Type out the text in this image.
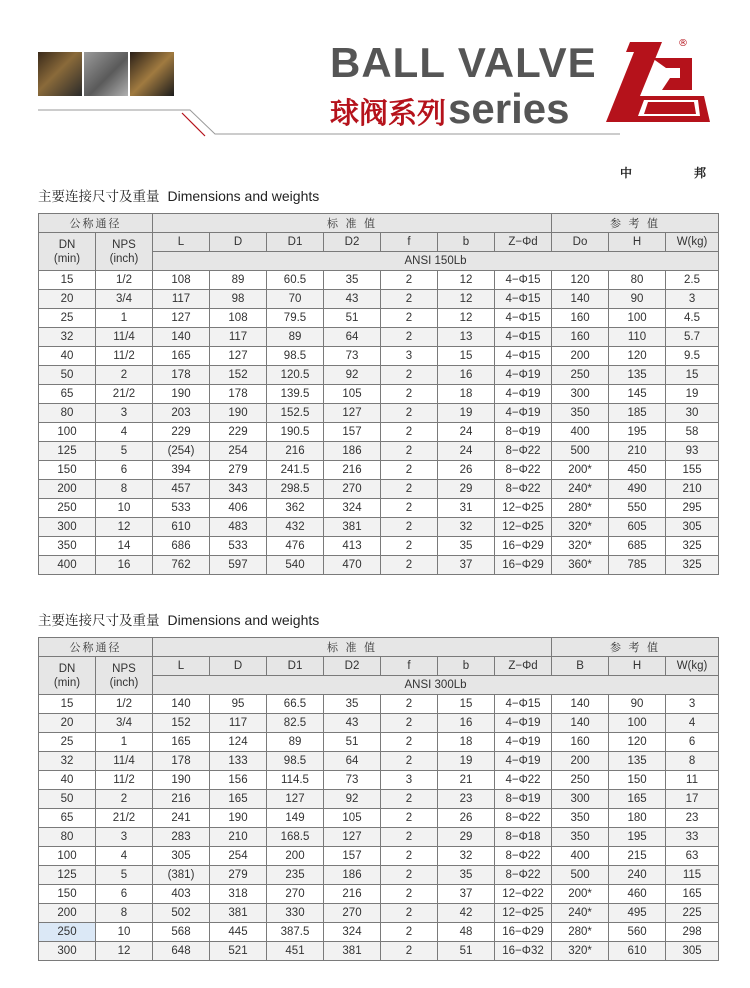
BALL VALVE
球阀系列 series
®
中	邦
主要连接尺寸及重量 Dimensions and weights
公称通径		标 准 值							参 考 值		
DN
(min)	NPS
(inch)	L	D	D1	D2	f	b	Z−Φd	Do	H	W(kg)
		ANSI 150Lb									
15	1/2	108	89	60.5	35	2	12	4−Φ15	120	80	2.5
20	3/4	117	98	70	43	2	12	4−Φ15	140	90	3
25	1	127	108	79.5	51	2	12	4−Φ15	160	100	4.5
32	11/4	140	117	89	64	2	13	4−Φ15	160	110	5.7
40	11/2	165	127	98.5	73	3	15	4−Φ15	200	120	9.5
50	2	178	152	120.5	92	2	16	4−Φ19	250	135	15
65	21/2	190	178	139.5	105	2	18	4−Φ19	300	145	19
80	3	203	190	152.5	127	2	19	4−Φ19	350	185	30
100	4	229	229	190.5	157	2	24	8−Φ19	400	195	58
125	5	(254)	254	216	186	2	24	8−Φ22	500	210	93
150	6	394	279	241.5	216	2	26	8−Φ22	200*	450	155
200	8	457	343	298.5	270	2	29	8−Φ22	240*	490	210
250	10	533	406	362	324	2	31	12−Φ25	280*	550	295
300	12	610	483	432	381	2	32	12−Φ25	320*	605	305
350	14	686	533	476	413	2	35	16−Φ29	320*	685	325
400	16	762	597	540	470	2	37	16−Φ29	360*	785	325
主要连接尺寸及重量 Dimensions and weights
公称通径		标 准 值							参 考 值		
DN
(min)	NPS
(inch)	L	D	D1	D2	f	b	Z−Φd	B	H	W(kg)
		ANSI 300Lb									
15	1/2	140	95	66.5	35	2	15	4−Φ15	140	90	3
20	3/4	152	117	82.5	43	2	16	4−Φ19	140	100	4
25	1	165	124	89	51	2	18	4−Φ19	160	120	6
32	11/4	178	133	98.5	64	2	19	4−Φ19	200	135	8
40	11/2	190	156	114.5	73	3	21	4−Φ22	250	150	11
50	2	216	165	127	92	2	23	8−Φ19	300	165	17
65	21/2	241	190	149	105	2	26	8−Φ22	350	180	23
80	3	283	210	168.5	127	2	29	8−Φ18	350	195	33
100	4	305	254	200	157	2	32	8−Φ22	400	215	63
125	5	(381)	279	235	186	2	35	8−Φ22	500	240	115
150	6	403	318	270	216	2	37	12−Φ22	200*	460	165
200	8	502	381	330	270	2	42	12−Φ25	240*	495	225
250	10	568	445	387.5	324	2	48	16−Φ29	280*	560	298
300	12	648	521	451	381	2	51	16−Φ32	320*	610	305
